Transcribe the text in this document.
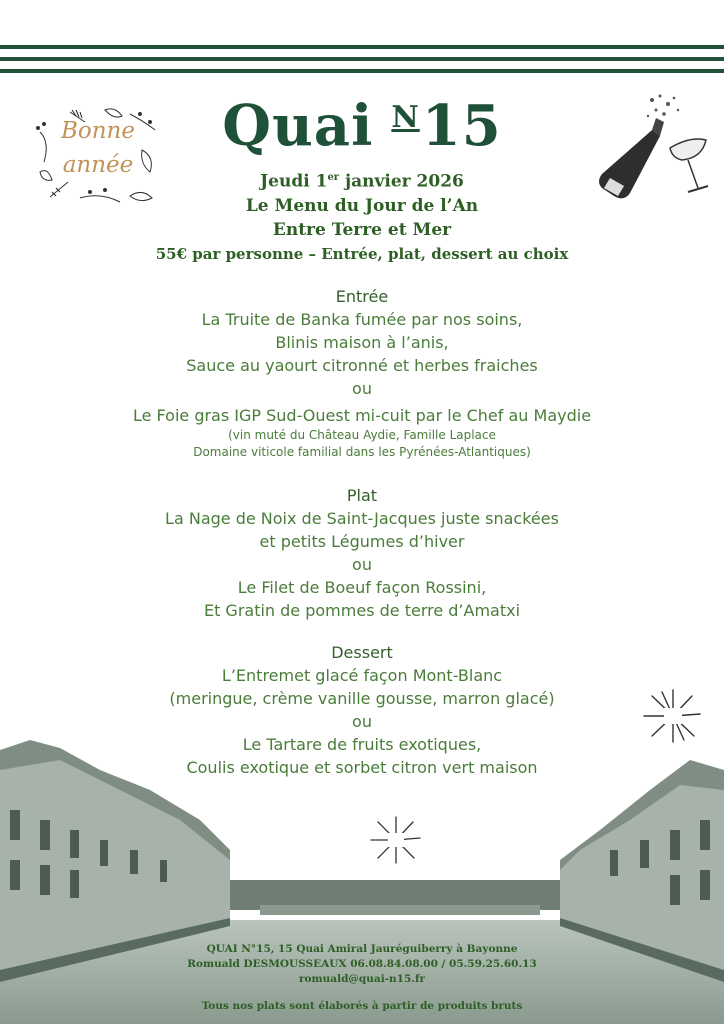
Bonne
année
Quai $^N$15
Jeudi 1er janvier 2026
Le Menu du Jour de l’An
Entre Terre et Mer
55€ par personne – Entrée, plat, dessert au choix
Entrée
La Truite de Banka fumée par nos soins,
Blinis maison à l’anis,
Sauce au yaourt citronné et herbes fraiches
ou
Le Foie gras IGP Sud-Ouest mi-cuit par le Chef au Maydie
(vin muté du Château Aydie, Famille Laplace
Domaine viticole familial dans les Pyrénées-Atlantiques)
Plat
La Nage de Noix de Saint-Jacques juste snackées
et petits Légumes d’hiver
ou
Le Filet de Boeuf façon Rossini,
Et Gratin de pommes de terre d’Amatxi
Dessert
L’Entremet glacé façon Mont-Blanc
(meringue, crème vanille gousse, marron glacé)
ou
Le Tartare de fruits exotiques,
Coulis exotique et sorbet citron vert maison
QUAI N°15, 15 Quai Amiral Jauréguiberry à Bayonne
Romuald DESMOUSSEAUX 06.08.84.08.00 / 05.59.25.60.13
romuald@quai-n15.fr
Tous nos plats sont élaborés à partir de produits bruts
